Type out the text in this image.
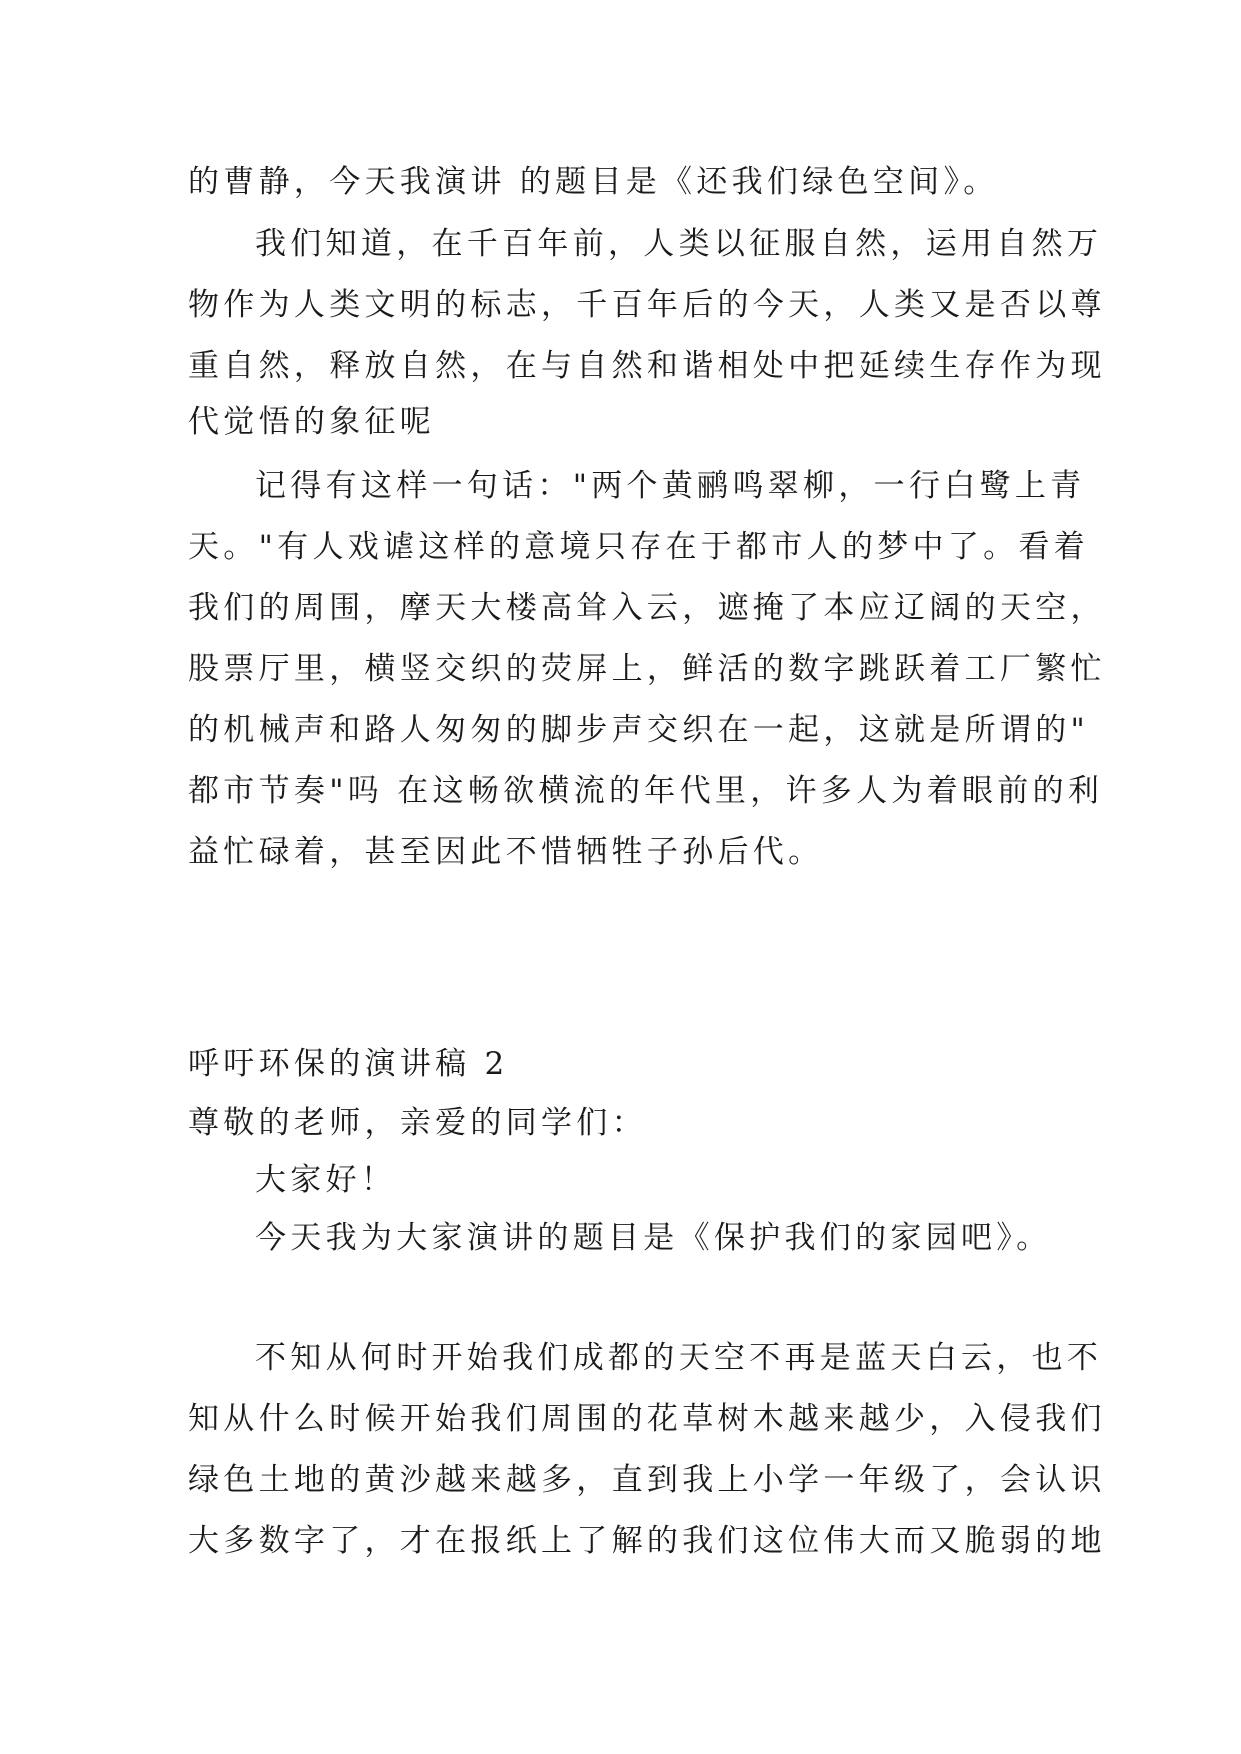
的曹静，今天我演讲 的题目是《还我们绿色空间》。
我们知道，在千百年前，人类以征服自然，运用自然万
物作为人类文明的标志，千百年后的今天，人类又是否以尊
重自然，释放自然，在与自然和谐相处中把延续生存作为现
代觉悟的象征呢
记得有这样一句话："两个黄鹂鸣翠柳，一行白鹭上青
天。"有人戏谑这样的意境只存在于都市人的梦中了。看着
我们的周围，摩天大楼高耸入云，遮掩了本应辽阔的天空，
股票厅里，横竖交织的荧屏上，鲜活的数字跳跃着工厂繁忙
的机械声和路人匆匆的脚步声交织在一起，这就是所谓的"
都市节奏"吗 在这畅欲横流的年代里，许多人为着眼前的利
益忙碌着，甚至因此不惜牺牲子孙后代。
呼吁环保的演讲稿 2
尊敬的老师，亲爱的同学们：
大家好！
今天我为大家演讲的题目是《保护我们的家园吧》。
不知从何时开始我们成都的天空不再是蓝天白云，也不
知从什么时候开始我们周围的花草树木越来越少，入侵我们
绿色土地的黄沙越来越多，直到我上小学一年级了，会认识
大多数字了，才在报纸上了解的我们这位伟大而又脆弱的地
